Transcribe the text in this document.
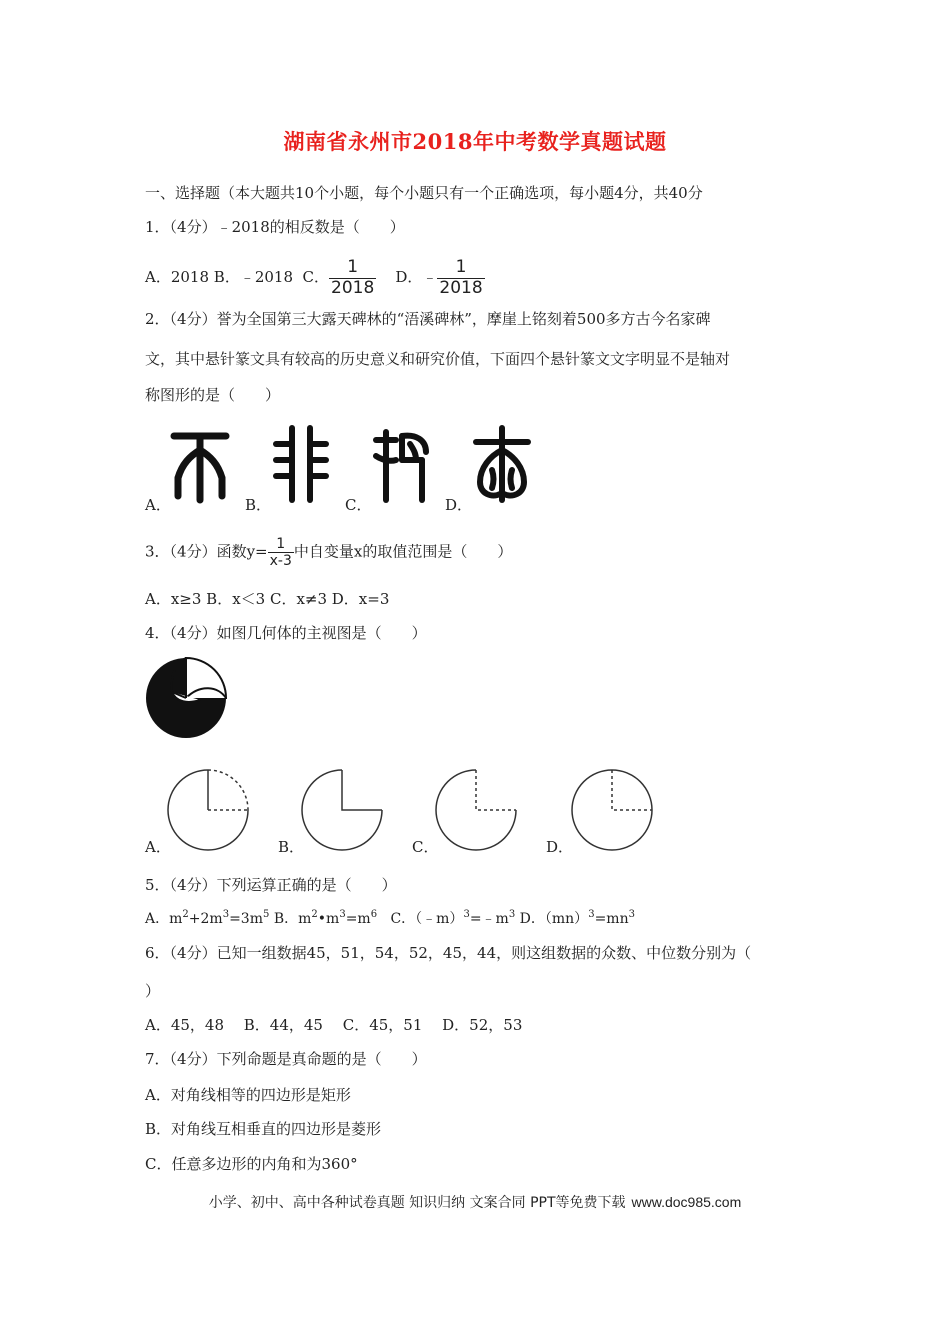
湖南省永州市2018年中考数学真题试题
一、选择题（本大题共10个小题，每个小题只有一个正确选项，每小题4分，共40分
1．（4分）﹣2018的相反数是（　　）
A．2018 B．﹣2018 C． $\frac{1}{2018}$ D．﹣ $\frac{1}{2018}$
2．（4分）誉为全国第三大露天碑林的“浯溪碑林”，摩崖上铭刻着500多方古今名家碑
文，其中悬针篆文具有较高的历史意义和研究价值，下面四个悬针篆文文字明显不是轴对
称图形的是（　　）
A．	B．	C．	D．
3．（4分）函数$y= \frac{1}{x-3}$ 中自变量x的取值范围是（　　）
A．x≥3 B．x＜3 C．x≠3 D．x=3
4．（4分）如图几何体的主视图是（　　）
A．	B．	C．	D．
5．（4分）下列运算正确的是（　　）
A．$m^2+2m^3=3m^5$ B．$m^2•m^3=m^6$ C．$(﹣m)^3=﹣m^3$ D．$(mn)^3=mn^3$
6．（4分）已知一组数据45，51，54，52，45，44，则这组数据的众数、中位数分别为（
）
A．45，48　 B．44，45　 C．45，51　 D．52，53
7．（4分）下列命题是真命题的是（　　）
A．对角线相等的四边形是矩形
B．对角线互相垂直的四边形是菱形
C．任意多边形的内角和为360°
小学、初中、高中各种试卷真题 知识归纳 文案合同 PPT等免费下载 www.doc985.com
